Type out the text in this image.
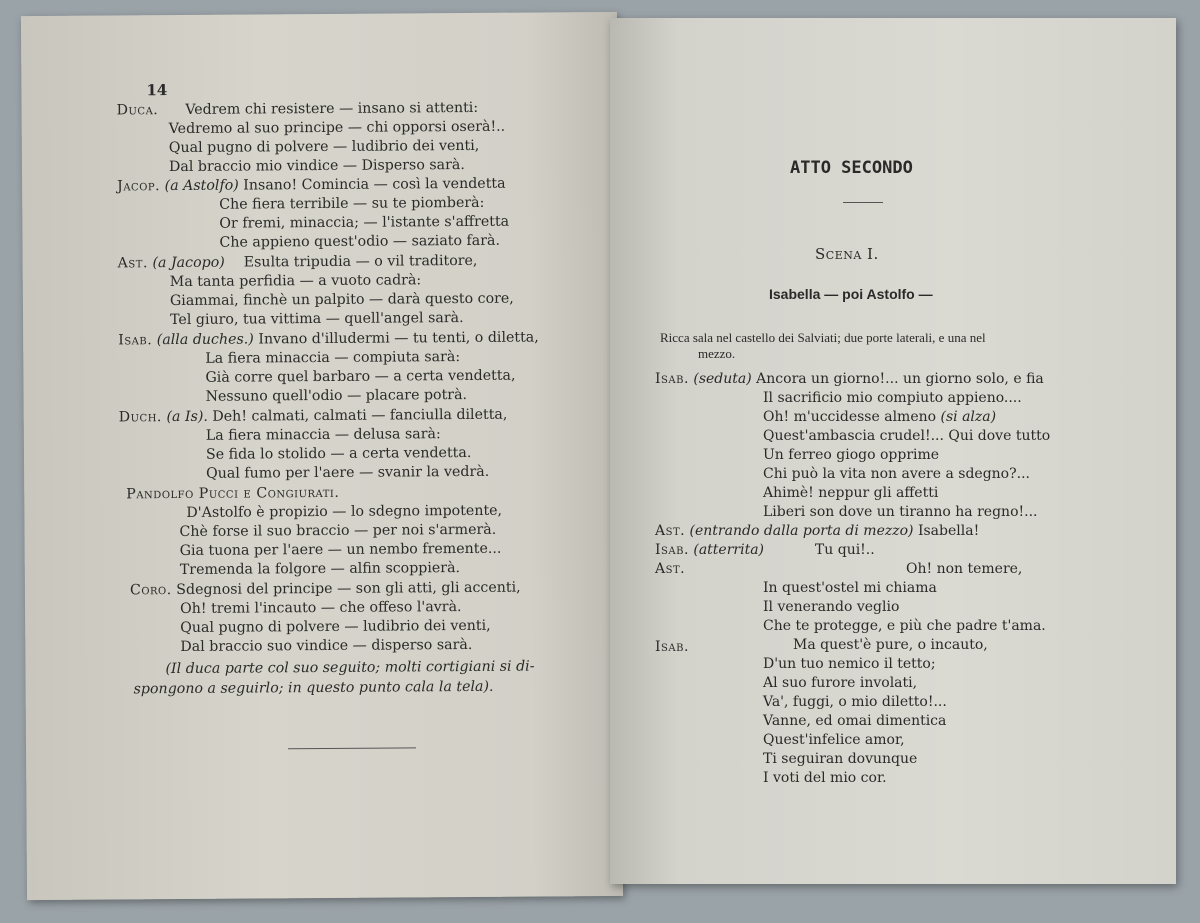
14
Duca. Vedrem chi resistere — insano si attenti:
Vedremo al suo principe — chi opporsi oserà!..
Qual pugno di polvere — ludibrio dei venti,
Dal braccio mio vindice — Disperso sarà.
Jacop. (a Astolfo) Insano! Comincia — così la vendetta
Che fiera terribile — su te piomberà:
Or fremi, minaccia; — l'istante s'affretta
Che appieno quest'odio — saziato farà.
Ast. (a Jacopo) Esulta tripudia — o vil traditore,
Ma tanta perfidia — a vuoto cadrà:
Giammai, finchè un palpito — darà questo core,
Tel giuro, tua vittima — quell'angel sarà.
Isab. (alla duches.) Invano d'illudermi — tu tenti, o diletta,
La fiera minaccia — compiuta sarà:
Già corre quel barbaro — a certa vendetta,
Nessuno quell'odio — placare potrà.
Duch. (a Is). Deh! calmati, calmati — fanciulla diletta,
La fiera minaccia — delusa sarà:
Se fida lo stolido — a certa vendetta.
Qual fumo per l'aere — svanir la vedrà.
Pandolfo Pucci e Congiurati.
D'Astolfo è propizio — lo sdegno impotente,
Chè forse il suo braccio — per noi s'armerà.
Gia tuona per l'aere — un nembo fremente...
Tremenda la folgore — alfin scoppierà.
Coro. Sdegnosi del principe — son gli atti, gli accenti,
Oh! tremi l'incauto — che offeso l'avrà.
Qual pugno di polvere — ludibrio dei venti,
Dal braccio suo vindice — disperso sarà.
(Il duca parte col suo seguito; molti cortigiani si di-
spongono a seguirlo; in questo punto cala la tela).
ATTO SECONDO
Scena I.
Isabella — poi Astolfo —
Ricca sala nel castello dei Salviati; due porte laterali, e una nel
mezzo.
Isab. (seduta) Ancora un giorno!... un giorno solo, e fia
Il sacrificio mio compiuto appieno....
Oh! m'uccidesse almeno (si alza)
Quest'ambascia crudel!... Qui dove tutto
Un ferreo giogo opprime
Chi può la vita non avere a sdegno?...
Ahimè! neppur gli affetti
Liberi son dove un tiranno ha regno!...
Ast. (entrando dalla porta di mezzo) Isabella!
Isab. (atterrita)	Tu qui!..
Ast.	Oh! non temere,
In quest'ostel mi chiama
Il venerando veglio
Che te protegge, e più che padre t'ama.
Isab.	Ma quest'è pure, o incauto,
D'un tuo nemico il tetto;
Al suo furore involati,
Va', fuggi, o mio diletto!...
Vanne, ed omai dimentica
Quest'infelice amor,
Ti seguiran dovunque
I voti del mio cor.
